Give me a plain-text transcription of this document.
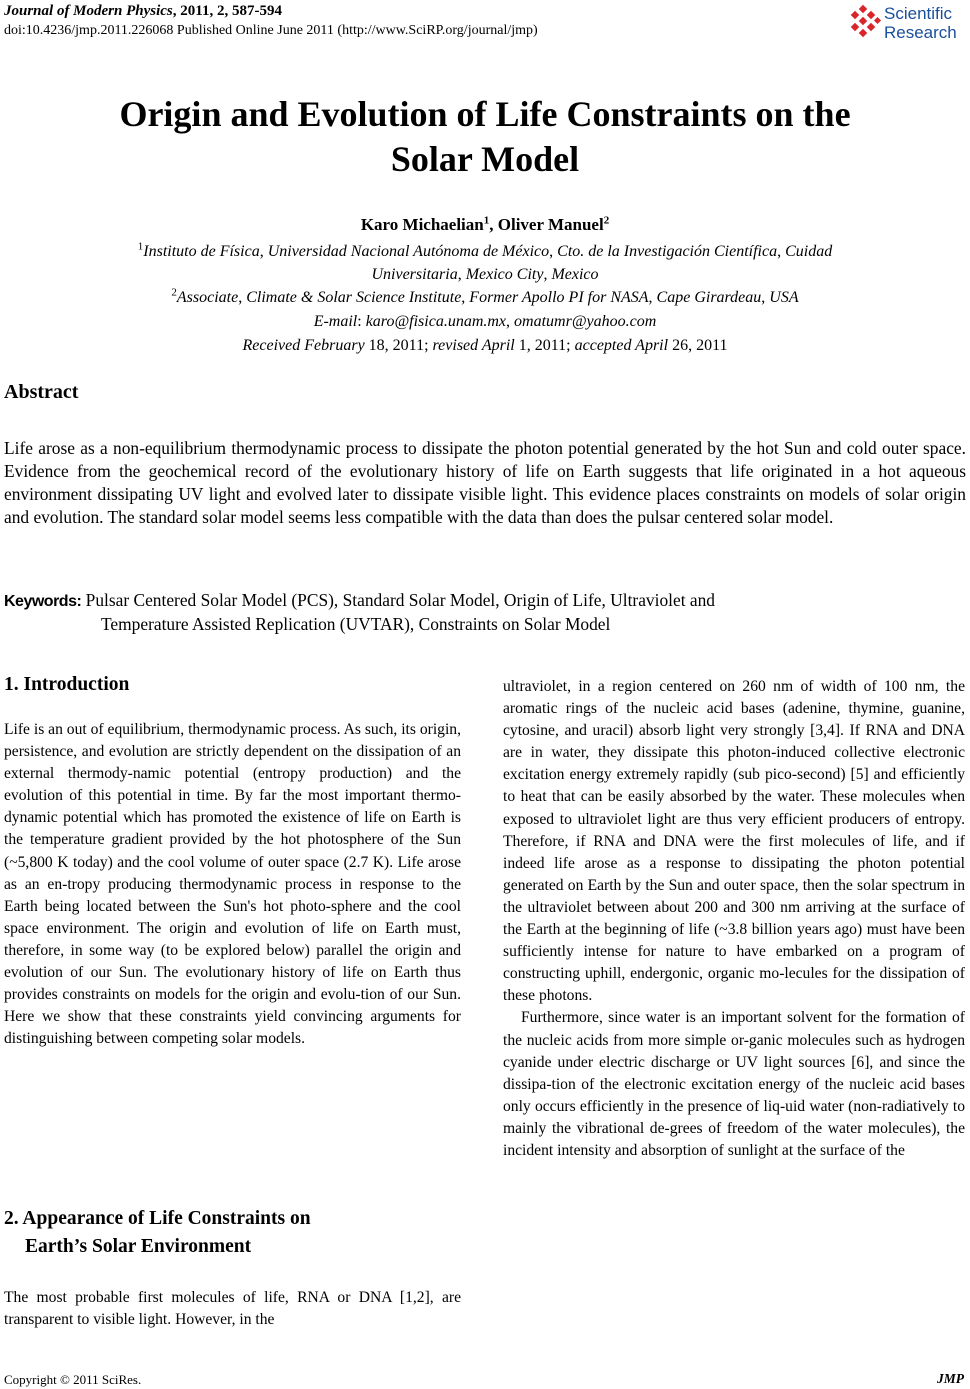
Journal of Modern Physics, 2011, 2, 587-594
doi:10.4236/jmp.2011.226068 Published Online June 2011 (http://www.SciRP.org/journal/jmp)
Scientific
Research
Origin and Evolution of Life Constraints on the
Solar Model
Karo Michaelian$^1$, Oliver Manuel$^2$
$^1$Instituto de Física, Universidad Nacional Autónoma de México, Cto. de la Investigación Científica, Cuidad
Universitaria, Mexico City, Mexico
$^2$Associate, Climate & Solar Science Institute, Former Apollo PI for NASA, Cape Girardeau, USA
E-mail: karo@fisica.unam.mx, omatumr@yahoo.com
Received February 18, 2011; revised April 1, 2011; accepted April 26, 2011
Abstract
Life arose as a non-equilibrium thermodynamic process to dissipate the photon potential generated by the hot Sun and cold outer space. Evidence from the geochemical record of the evolutionary history of life on Earth suggests that life originated in a hot aqueous environment dissipating UV light and evolved later to dissipate visible light. This evidence places constraints on models of solar origin and evolution. The standard solar model seems less compatible with the data than does the pulsar centered solar model.
Keywords: Pulsar Centered Solar Model (PCS), Standard Solar Model, Origin of Life, Ultraviolet and
Temperature Assisted Replication (UVTAR), Constraints on Solar Model
1. Introduction

Life is an out of equilibrium, thermodynamic process. As such, its origin, persistence, and evolution are strictly dependent on the dissipation of an external thermody-namic potential (entropy production) and the evolution of this potential in time. By far the most important thermo-dynamic potential which has promoted the existence of life on Earth is the temperature gradient provided by the hot photosphere of the Sun (~5,800 K today) and the cool volume of outer space (2.7 K). Life arose as an en-tropy producing thermodynamic process in response to the Earth being located between the Sun's hot photo-sphere and the cool space environment. The origin and evolution of life on Earth must, therefore, in some way (to be explored below) parallel the origin and evolution of our Sun. The evolutionary history of life on Earth thus provides constraints on models for the origin and evolu-tion of our Sun. Here we show that these constraints yield convincing arguments for distinguishing between competing solar models.

2. Appearance of Life Constraints on
Earth’s Solar Environment

The most probable first molecules of life, RNA or DNA [1,2], are transparent to visible light. However, in the

ultraviolet, in a region centered on 260 nm of width of 100 nm, the aromatic rings of the nucleic acid bases (adenine, thymine, guanine, cytosine, and uracil) absorb light very strongly [3,4]. If RNA and DNA are in water, they dissipate this photon-induced collective electronic excitation energy extremely rapidly (sub pico-second) [5] and efficiently to heat that can be easily absorbed by the water. These molecules when exposed to ultraviolet light are thus very efficient producers of entropy. Therefore, if RNA and DNA were the first molecules of life, and if indeed life arose as a response to dissipating the photon potential generated on Earth by the Sun and outer space, then the solar spectrum in the ultraviolet between about 200 and 300 nm arriving at the surface of the Earth at the beginning of life (~3.8 billion years ago) must have been sufficiently intense for nature to have embarked on a program of constructing uphill, endergonic, organic mo-lecules for the dissipation of these photons.

Furthermore, since water is an important solvent for the formation of the nucleic acids from more simple or-ganic molecules such as hydrogen cyanide under electric discharge or UV light sources [6], and since the dissipa-tion of the electronic excitation energy of the nucleic acid bases only occurs efficiently in the presence of liq-uid water (non-radiatively to mainly the vibrational de-grees of freedom of the water molecules), the incident intensity and absorption of sunlight at the surface of the

Copyright © 2011 SciRes.	JMP
